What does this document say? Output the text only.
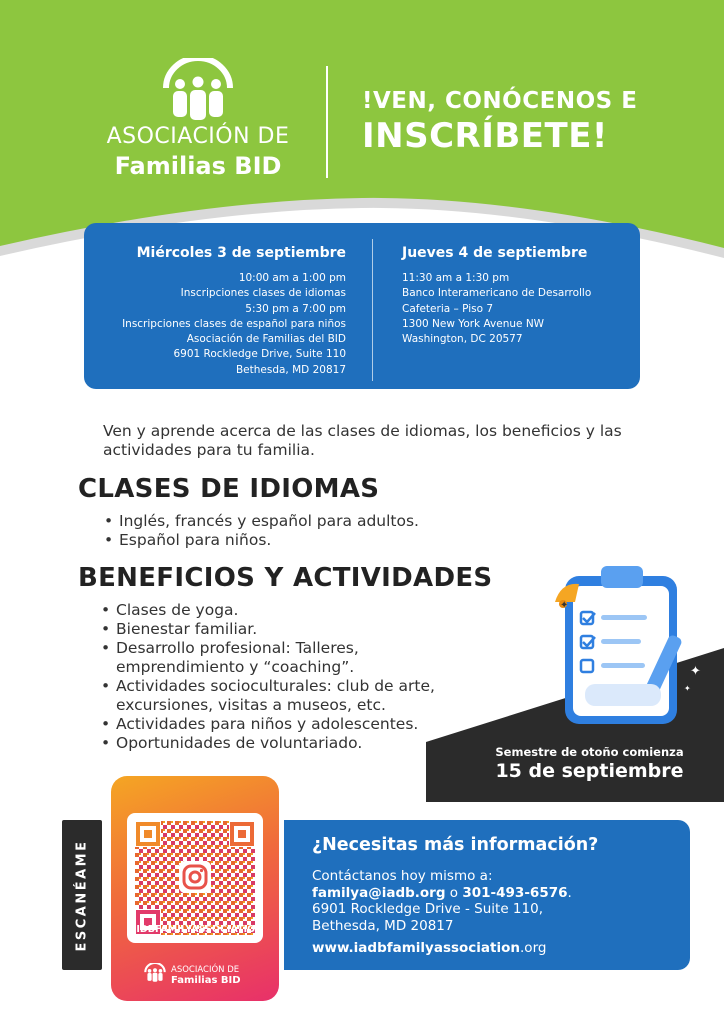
ASOCIACIÓN DE
Familias BID
!VEN, CONÓCENOS E
INSCRÍBETE!
Miércoles 3 de septiembre
10:00 am a 1:00 pm
Inscripciones clases de idiomas
5:30 pm a 7:00 pm
Inscripciones clases de español para niños
Asociación de Familias del BID
6901 Rockledge Drive, Suite 110
Bethesda, MD 20817
Jueves 4 de septiembre
11:30 am a 1:30 pm
Banco Interamericano de Desarrollo
Cafeteria – Piso 7
1300 New York Avenue NW
Washington, DC 20577
Ven y aprende acerca de las clases de idiomas, los beneficios y las actividades para tu familia.
CLASES DE IDIOMAS
• Inglés, francés y español para adultos.
• Español para niños.
BENEFICIOS Y ACTIVIDADES
• Clases de yoga.
• Bienestar familiar.
• Desarrollo profesional: Talleres, emprendimiento y “coaching”.
• Actividades socioculturales: club de arte, excursiones, visitas a museos, etc.
• Actividades para niños y adolescentes.
• Oportunidades de voluntariado.
✦
✦
✦
Semestre de otoño comienza
15 de septiembre
ESCANÉAME	¿Necesitas más información?
Contáctanos hoy mismo a:
familya@iadb.org o 301-493-6576.
6901 Rockledge Drive - Suite 110,
Bethesda, MD 20817
www.iadbfamilyassociation.org
@IDBFAMILYASSOCIATION
ASOCIACIÓN DE
Familias BID
